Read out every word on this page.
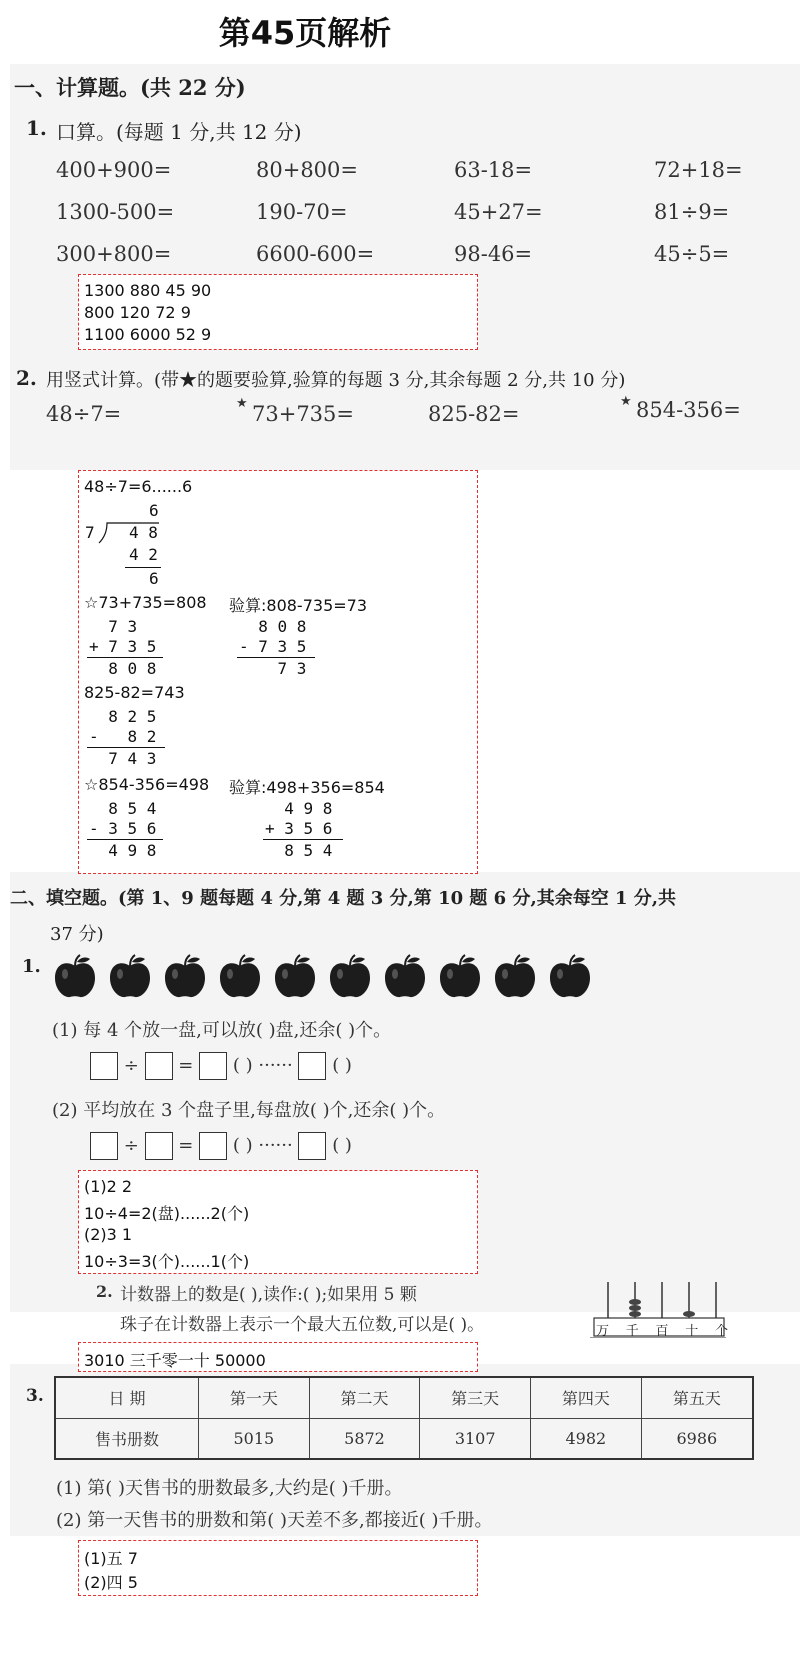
第45页解析
一、计算题。(共 22 分)
1. 口算。(每题 1 分,共 12 分)
400+900=	80+800=	63-18=	72+18=
1300-500=	190-70=	45+27=	81÷9=
300+800=	6600-600=	98-46=	45÷5=
1300 880 45 90
800 120 72 9
1100 6000 52 9
2. 用竖式计算。(带★的题要验算,验算的每题 3 分,其余每题 2 分,共 10 分)
48÷7=	★ 73+735=	825-82=
★ 854-356=
48÷7=6......6
6
7 4 8
4 2
6
☆73+735=808 验算:808-735=73
7 3
+ 7 3 5
8 0 8
8 0 8
- 7 3 5
7 3
825-82=743
8 2 5
-   8 2
7 4 3
☆854-356=498 验算:498+356=854
8 5 4
- 3 5 6
4 9 8
4 9 8
+ 3 5 6
8 5 4
二、填空题。(第 1、9 题每题 4 分,第 4 题 3 分,第 10 题 6 分,其余每空 1 分,共
37 分)
1.
(1) 每 4 个放一盘,可以放( )盘,还余( )个。
÷ = ( ) ······ ( )
(2) 平均放在 3 个盘子里,每盘放( )个,还余( )个。
÷ = ( ) ······ ( )
(1)2 2
10÷4=2(盘)......2(个)
(2)3 1
10÷3=3(个)......1(个)
2. 计数器上的数是( ),读作:( );如果用 5 颗
珠子在计数器上表示一个最大五位数,可以是( )。	万 千 百 十 个
3010 三千零一十 50000
3.	日 期	第一天	第二天	第三天	第四天	第五天
售书册数	5015	5872	3107	4982	6986
(1) 第( )天售书的册数最多,大约是( )千册。
(2) 第一天售书的册数和第( )天差不多,都接近( )千册。
(1)五 7
(2)四 5
